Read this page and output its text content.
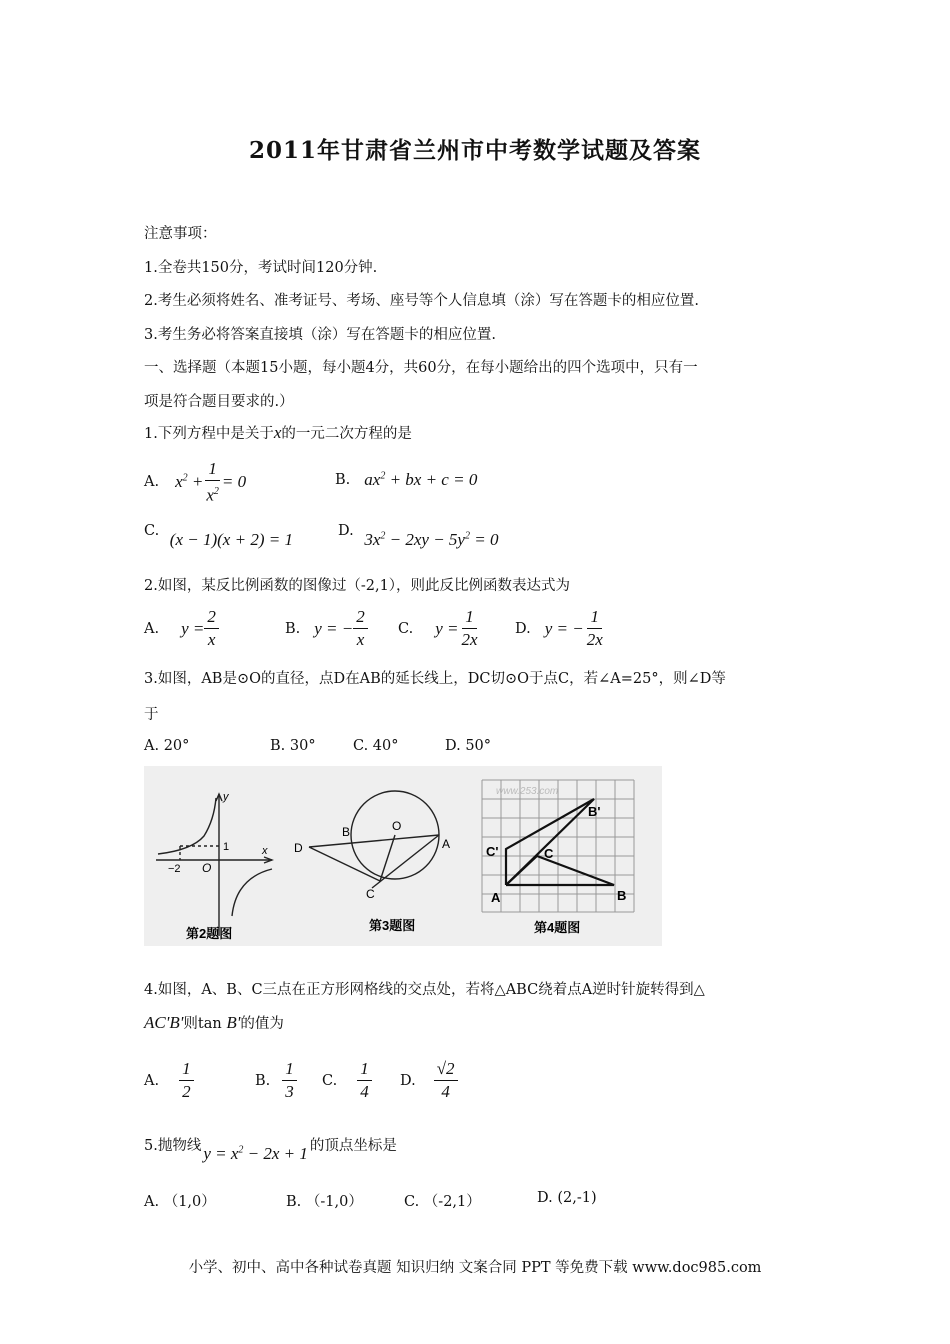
2011年甘肃省兰州市中考数学试题及答案
注意事项：
1.全卷共150分，考试时间120分钟.
2.考生必须将姓名、准考证号、考场、座号等个人信息填（涂）写在答题卡的相应位置.
3.考生务必将答案直接填（涂）写在答题卡的相应位置.
一、选择题（本题15小题，每小题4分，共60分，在每小题给出的四个选项中，只有一
项是符合题目要求的.）
1.下列方程中是关于x的一元二次方程的是
A. $x^2 + \frac{1}{x^2} = 0$	B. $ax^2$ + bx + c = 0
C. (x − 1)(x + 2) = 1	D. $3x^2 - 2xy - 5y^2 = 0$
2.如图，某反比例函数的图像过（-2,1），则此反比例函数表达式为
A. $y = \frac{2}{x}$	B. y = − $\frac{2}{x} C$. $y = \frac{1}{2x} D$. y = − $\frac{1}{2x}$
3.如图，AB是⊙O的直径，点D在AB的延长线上，DC切⊙O于点C，若∠A=25°，则∠D等
于
A. 20°	B. 30°	C. 40°	D. 50°
y
x
1
−2 O
第2题图
D
B	O
A
C
第3题图
www.253.com
B'
C'	C
A	B
第4题图
4.如图，A、B、C三点在正方形网格线的交点处，若将△ABC绕着点A逆时针旋转得到△
AC'B'则tan B'的值为
A. $\frac{1}{2}$	B. $\frac{1}{3} C$. $\frac{1}{4} D$. $\frac{√2}{4}$
5.抛物线 $y = x^2 - 2x + 1$ 的顶点坐标是
A. （1,0）	B. （-1,0）	C. （-2,1）	D. (2,-1)
小学、初中、高中各种试卷真题 知识归纳 文案合同 PPT 等免费下载 www.doc985.com
